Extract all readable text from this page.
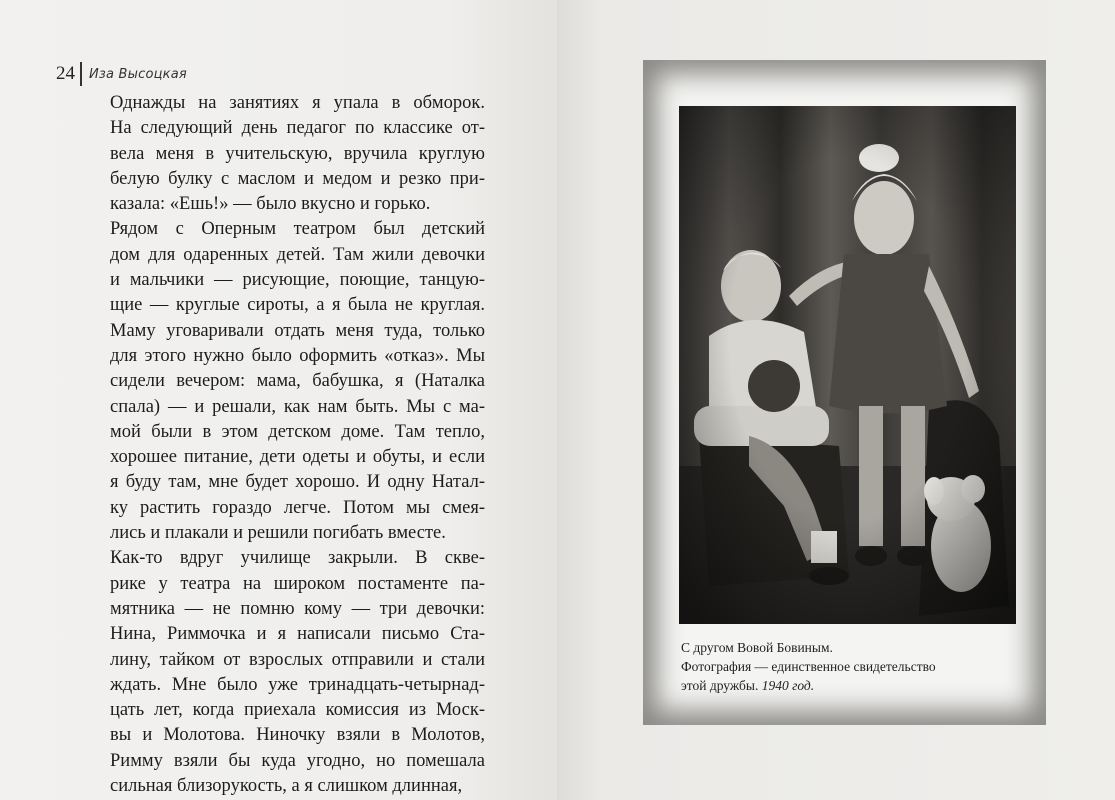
24 Иза Высоцкая

Однажды на занятиях я упала в обморок.
На следующий день педагог по классике от-
вела меня в учительскую, вручила круглую
белую булку с маслом и медом и резко при-
казала: «Ешь!» — было вкусно и горько.

Рядом с Оперным театром был детский
дом для одаренных детей. Там жили девочки
и мальчики — рисующие, поющие, танцую-
щие — круглые сироты, а я была не круглая.
Маму уговаривали отдать меня туда, только
для этого нужно было оформить «отказ». Мы
сидели вечером: мама, бабушка, я (Наталка
спала) — и решали, как нам быть. Мы с ма-
мой были в этом детском доме. Там тепло,
хорошее питание, дети одеты и обуты, и если
я буду там, мне будет хорошо. И одну Натал-
ку растить гораздо легче. Потом мы смея-
лись и плакали и решили погибать вместе.

Как-то вдруг училище закрыли. В скве-
рике у театра на широком постаменте па-
мятника — не помню кому — три девочки:
Нина, Риммочка и я написали письмо Ста-
лину, тайком от взрослых отправили и стали
ждать. Мне было уже тринадцать-четырнад-
цать лет, когда приехала комиссия из Моск-
вы и Молотова. Ниночку взяли в Молотов,
Римму взяли бы куда угодно, но помешала
сильная близорукость, а я слишком длинная,

С другом Вовой Бовиным.
Фотография — единственное свидетельство
этой дружбы. 1940 год.
